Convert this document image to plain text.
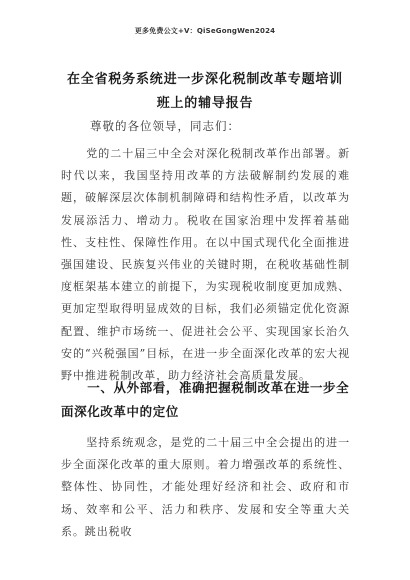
更多免费公文+V：QiSeGongWen2024
在全省税务系统进一步深化税制改革专题培训班上的辅导报告
尊敬的各位领导，同志们：

党的二十届三中全会对深化税制改革作出部署。新时代以来，我国坚持用改革的方法破解制约发展的难题，破解深层次体制机制障碍和结构性矛盾，以改革为发展添活力、增动力。税收在国家治理中发挥着基础性、支柱性、保障性作用。在以中国式现代化全面推进强国建设、民族复兴伟业的关键时期，在税收基础性制度框架基本建立的前提下，为实现税收制度更加成熟、更加定型取得明显成效的目标，我们必须锚定优化资源配置、维护市场统一、促进社会公平、实现国家长治久安的“兴税强国”目标，在进一步全面深化改革的宏大视野中推进税制改革，助力经济社会高质量发展。

一、从外部看，准确把握税制改革在进一步全面深化改革中的定位

坚持系统观念，是党的二十届三中全会提出的进一步全面深化改革的重大原则。着力增强改革的系统性、整体性、协同性，才能处理好经济和社会、政府和市场、效率和公平、活力和秩序、发展和安全等重大关系。跳出税收
